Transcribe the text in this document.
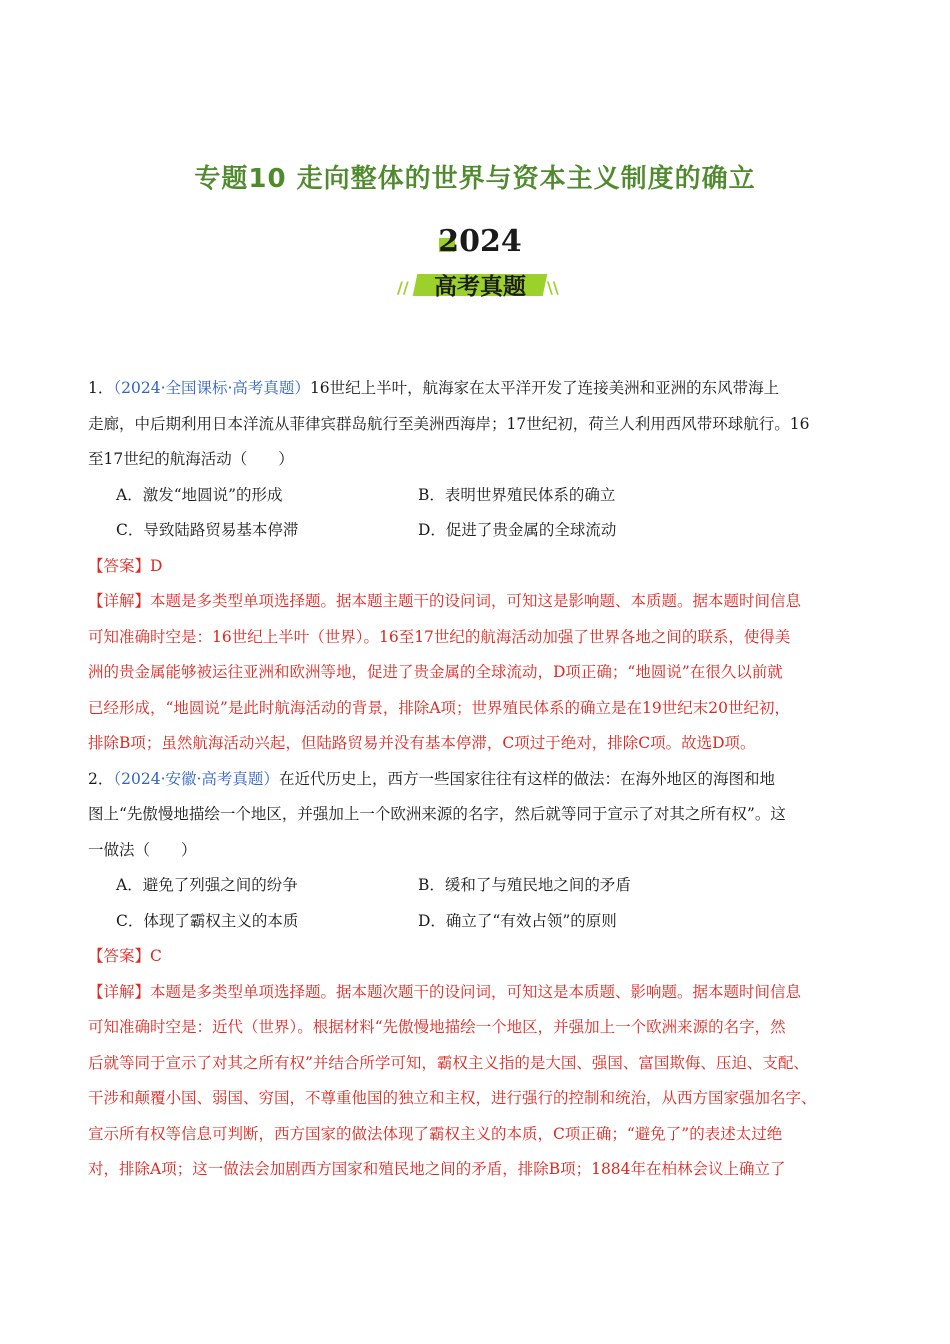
专题10 走向整体的世界与资本主义制度的确立
2024
//	\\
高考真题
1．（2024·全国课标·高考真题）16世纪上半叶，航海家在太平洋开发了连接美洲和亚洲的东风带海上
走廊，中后期利用日本洋流从菲律宾群岛航行至美洲西海岸；17世纪初，荷兰人利用西风带环球航行。16
至17世纪的航海活动（　　）
A．激发“地圆说”的形成	B．表明世界殖民体系的确立
C．导致陆路贸易基本停滞	D．促进了贵金属的全球流动
【答案】D
【详解】本题是多类型单项选择题。据本题主题干的设问词，可知这是影响题、本质题。据本题时间信息
可知准确时空是：16世纪上半叶（世界）。16至17世纪的航海活动加强了世界各地之间的联系，使得美
洲的贵金属能够被运往亚洲和欧洲等地，促进了贵金属的全球流动，D项正确；“地圆说”在很久以前就
已经形成，“地圆说”是此时航海活动的背景，排除A项；世界殖民体系的确立是在19世纪末20世纪初，
排除B项；虽然航海活动兴起，但陆路贸易并没有基本停滞，C项过于绝对，排除C项。故选D项。
2．（2024·安徽·高考真题）在近代历史上，西方一些国家往往有这样的做法：在海外地区的海图和地
图上“先傲慢地描绘一个地区，并强加上一个欧洲来源的名字，然后就等同于宣示了对其之所有权”。这
一做法（　　）
A．避免了列强之间的纷争	B．缓和了与殖民地之间的矛盾
C．体现了霸权主义的本质	D．确立了“有效占领”的原则
【答案】C
【详解】本题是多类型单项选择题。据本题次题干的设问词，可知这是本质题、影响题。据本题时间信息
可知准确时空是：近代（世界）。根据材料“先傲慢地描绘一个地区，并强加上一个欧洲来源的名字，然
后就等同于宣示了对其之所有权”并结合所学可知，霸权主义指的是大国、强国、富国欺侮、压迫、支配、
干涉和颠覆小国、弱国、穷国，不尊重他国的独立和主权，进行强行的控制和统治，从西方国家强加名字、
宣示所有权等信息可判断，西方国家的做法体现了霸权主义的本质，C项正确；“避免了”的表述太过绝
对，排除A项；这一做法会加剧西方国家和殖民地之间的矛盾，排除B项；1884年在柏林会议上确立了
